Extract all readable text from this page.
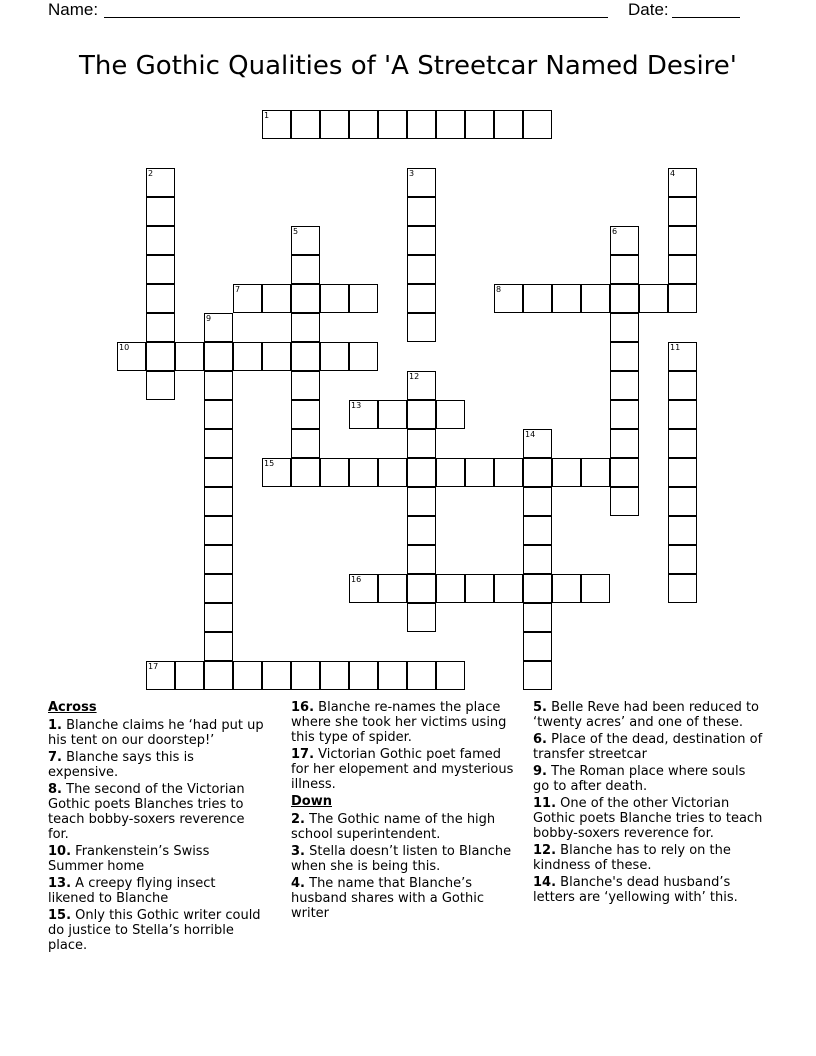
Name:	Date:
The Gothic Qualities of 'A Streetcar Named Desire'
1
2	3	4
5	6
7	8
9
10	11
12
13
14
15
16
17
Across
1. Blanche claims he ‘had put up his tent on our doorstep!’
7. Blanche says this is expensive.
8. The second of the Victorian Gothic poets Blanches tries to teach bobby-soxers reverence for.
10. Frankenstein’s Swiss Summer home
13. A creepy flying insect likened to Blanche
15. Only this Gothic writer could do justice to Stella’s horrible place.
16. Blanche re-names the place where she took her victims using this type of spider.
17. Victorian Gothic poet famed for her elopement and mysterious illness.
Down
2. The Gothic name of the high school superintendent.
3. Stella doesn’t listen to Blanche when she is being this.
4. The name that Blanche’s husband shares with a Gothic writer
5. Belle Reve had been reduced to ‘twenty acres’ and one of these.
6. Place of the dead, destination of transfer streetcar
9. The Roman place where souls go to after death.
11. One of the other Victorian Gothic poets Blanche tries to teach bobby-soxers reverence for.
12. Blanche has to rely on the kindness of these.
14. Blanche's dead husband’s letters are ‘yellowing with’ this.
